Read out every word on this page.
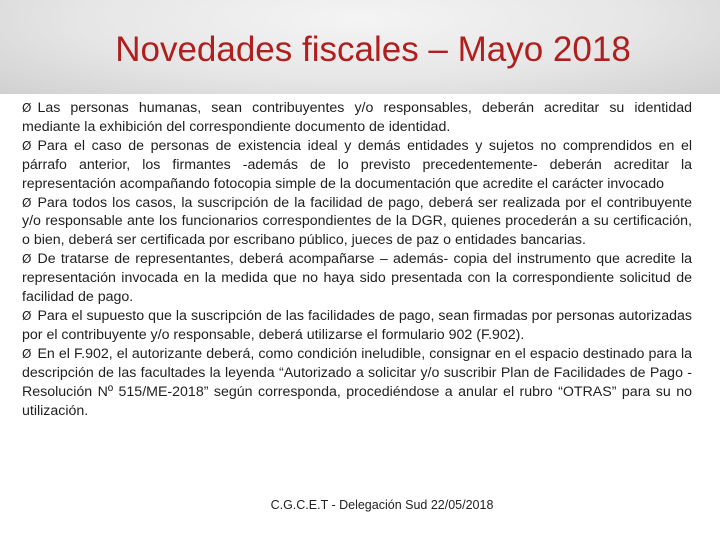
Novedades fiscales – Mayo 2018

Ø Las personas humanas, sean contribuyentes y/o responsables, deberán acreditar su identidad mediante la exhibición del correspondiente documento de identidad.

Ø Para el caso de personas de existencia ideal y demás entidades y sujetos no comprendidos en el párrafo anterior, los firmantes -además de lo previsto precedentemente- deberán acreditar la representación acompañando fotocopia simple de la documentación que acredite el carácter invocado

Ø Para todos los casos, la suscripción de la facilidad de pago, deberá ser realizada por el contribuyente y/o responsable ante los funcionarios correspondientes de la DGR, quienes procederán a su certificación, o bien, deberá ser certificada por escribano público, jueces de paz o entidades bancarias.

Ø De tratarse de representantes, deberá acompañarse – además- copia del instrumento que acredite la representación invocada en la medida que no haya sido presentada con la correspondiente solicitud de facilidad de pago.

Ø Para el supuesto que la suscripción de las facilidades de pago, sean firmadas por personas autorizadas por el contribuyente y/o responsable, deberá utilizarse el formulario 902 (F.902).

Ø En el F.902, el autorizante deberá, como condición ineludible, consignar en el espacio destinado para la descripción de las facultades la leyenda “Autorizado a solicitar y/o suscribir Plan de Facilidades de Pago - Resolución Nº 515/ME-2018” según corresponda, procediéndose a anular el rubro “OTRAS” para su no utilización.

C.G.C.E.T - Delegación Sud 22/05/2018
